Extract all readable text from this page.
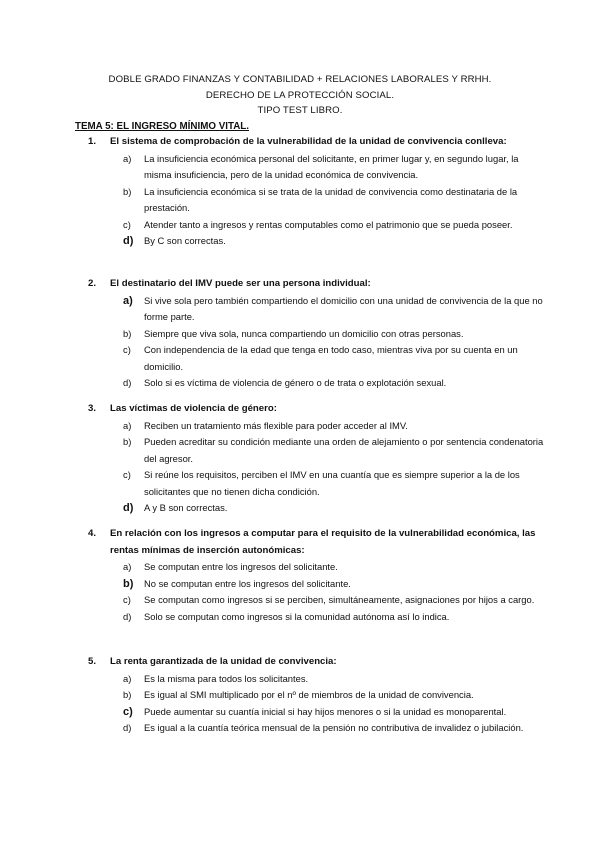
DOBLE GRADO FINANZAS Y CONTABILIDAD + RELACIONES LABORALES Y RRHH.
DERECHO DE LA PROTECCIÓN SOCIAL.
TIPO TEST LIBRO.
TEMA 5: EL INGRESO MÍNIMO VITAL.
1.	El sistema de comprobación de la vulnerabilidad de la unidad de convivencia conlleva:
a)	La insuficiencia económica personal del solicitante, en primer lugar y, en segundo lugar, la misma insuficiencia, pero de la unidad económica de convivencia.
b)	La insuficiencia económica si se trata de la unidad de convivencia como destinataria de la prestación.
c)	Atender tanto a ingresos y rentas computables como el patrimonio que se pueda poseer.
d)	By C son correctas.
2.	El destinatario del IMV puede ser una persona individual:
a)	Si vive sola pero también compartiendo el domicilio con una unidad de convivencia de la que no forme parte.
b)	Siempre que viva sola, nunca compartiendo un domicilio con otras personas.
c)	Con independencia de la edad que tenga en todo caso, mientras viva por su cuenta en un domicilio.
d)	Solo si es víctima de violencia de género o de trata o explotación sexual.
3.	Las víctimas de violencia de género:
a)	Reciben un tratamiento más flexible para poder acceder al IMV.
b)	Pueden acreditar su condición mediante una orden de alejamiento o por sentencia condenatoria del agresor.
c)	Si reúne los requisitos, perciben el IMV en una cuantía que es siempre superior a la de los solicitantes que no tienen dicha condición.
d)	A y B son correctas.
4.	En relación con los ingresos a computar para el requisito de la vulnerabilidad económica, las rentas mínimas de inserción autonómicas:
a)	Se computan entre los ingresos del solicitante.
b)	No se computan entre los ingresos del solicitante.
c)	Se computan como ingresos si se perciben, simultáneamente, asignaciones por hijos a cargo.
d)	Solo se computan como ingresos si la comunidad autónoma así lo indica.
5.	La renta garantizada de la unidad de convivencia:
a)	Es la misma para todos los solicitantes.
b)	Es igual al SMI multiplicado por el nº de miembros de la unidad de convivencia.
c)	Puede aumentar su cuantía inicial si hay hijos menores o si la unidad es monoparental.
d)	Es igual a la cuantía teórica mensual de la pensión no contributiva de invalidez o jubilación.
